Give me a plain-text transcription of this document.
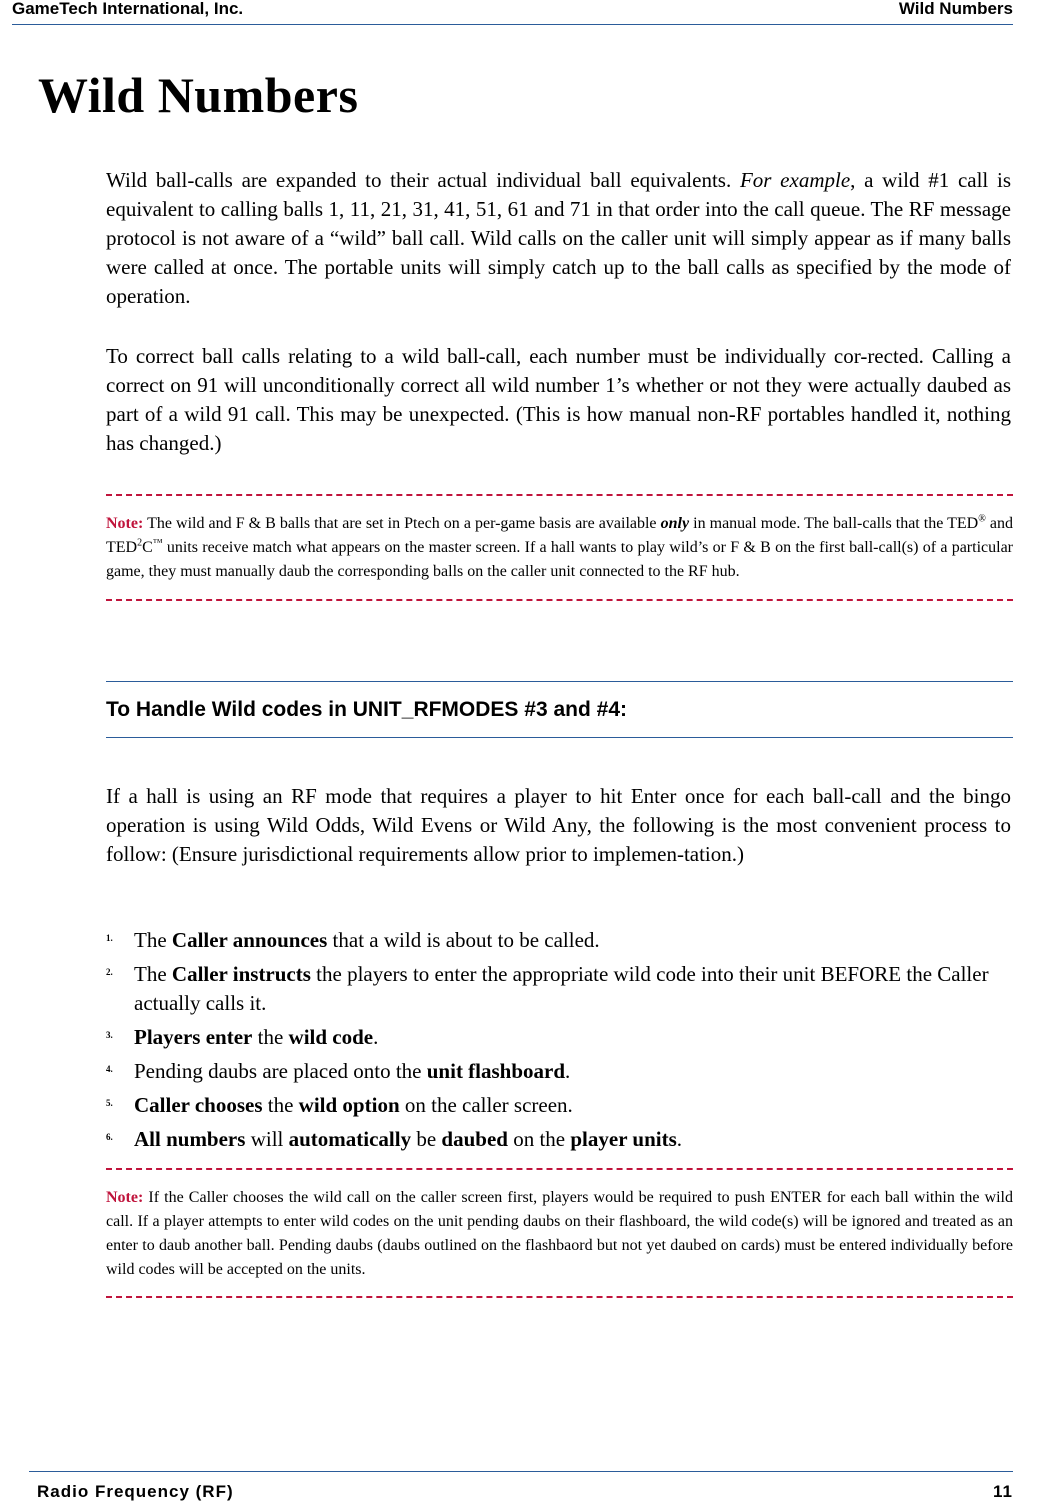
GameTech International, Inc.	Wild Numbers
Wild Numbers

Wild ball-calls are expanded to their actual individual ball equivalents. For example, a wild #1 call is equivalent to calling balls 1, 11, 21, 31, 41, 51, 61 and 71 in that order into the call queue. The RF message protocol is not aware of a “wild” ball call. Wild calls on the caller unit will simply appear as if many balls were called at once. The portable units will simply catch up to the ball calls as specified by the mode of operation.

To correct ball calls relating to a wild ball-call, each number must be individually cor-rected. Calling a correct on 91 will unconditionally correct all wild number 1’s whether or not they were actually daubed as part of a wild 91 call. This may be unexpected. (This is how manual non-RF portables handled it, nothing has changed.)

Note: The wild and F & B balls that are set in Ptech on a per-game basis are available only in manual mode. The ball-calls that the TED® and TED$^2$C™ units receive match what appears on the master screen. If a hall wants to play wild’s or F & B on the first ball-call(s) of a particular game, they must manually daub the corresponding balls on the caller unit connected to the RF hub.

To Handle Wild codes in UNIT_RFMODES #3 and #4:

If a hall is using an RF mode that requires a player to hit Enter once for each ball-call and the bingo operation is using Wild Odds, Wild Evens or Wild Any, the following is the most convenient process to follow: (Ensure jurisdictional requirements allow prior to implemen-tation.)

1. The Caller announces that a wild is about to be called.
2. The Caller instructs the players to enter the appropriate wild code into their unit BEFORE the Caller actually calls it.
3. Players enter the wild code.
4. Pending daubs are placed onto the unit flashboard.
5. Caller chooses the wild option on the caller screen.
6. All numbers will automatically be daubed on the player units.

Note: If the Caller chooses the wild call on the caller screen first, players would be required to push ENTER for each ball within the wild call. If a player attempts to enter wild codes on the unit pending daubs on their flashboard, the wild code(s) will be ignored and treated as an enter to daub another ball. Pending daubs (daubs outlined on the flashbaord but not yet daubed on cards) must be entered individually before wild codes will be accepted on the units.

Radio Frequency (RF)	11
